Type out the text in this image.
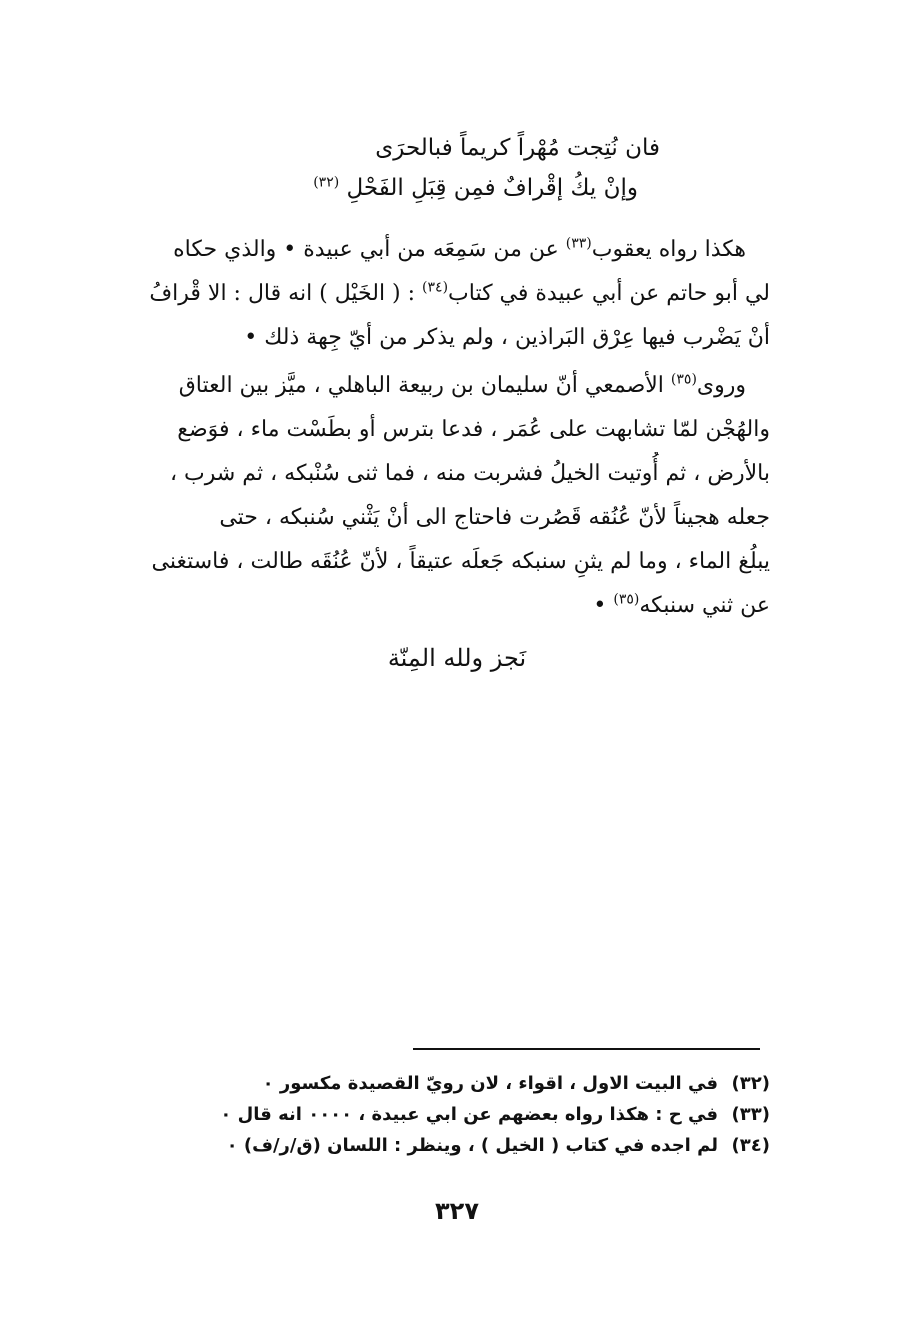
فان نُتِجت مُهْراً كريماً فبالحرَى
وإنْ يكُ إقْرافٌ فمِن قِبَلِ الفَحْلِ $^{(٣٢)}$
هكذا رواه يعقوب$^{(٣٣)}$ عن من سَمِعَه من أبي عبيدة • والذي حكاه
لي أبو حاتم عن أبي عبيدة في كتاب$^{(٣٤)}$ : ( الخَيْل ) انه قال : الا قْرافُ
أنْ يَضْرب فيها عِرْق البَراذين ، ولم يذكر من أيّ جِهة ذلك •
وروى$^{(٣٥)}$ الأصمعي أنّ سليمان بن ربيعة الباهلي ، ميَّز بين العتاق
والهُجْن لمّا تشابهت على عُمَر ، فدعا بترس أو بطَسْت ماء ، فوَضع
بالأرض ، ثم أُوتيت الخيلُ فشربت منه ، فما ثنى سُنْبكه ، ثم شرب ،
جعله هجيناً لأنّ عُنُقه قَصُرت فاحتاج الى أنْ يَثْني سُنبكه ، حتى
يبلُغ الماء ، وما لم يثنِ سنبكه جَعلَه عتيقاً ، لأنّ عُنُقَه طالت ، فاستغنى
عن ثني سنبكه$^{(٣٥)}$ •
نَجز ولله المِنّة
(٣٢)
في البيت الاول ، اقواء ، لان رويّ القصيدة مكسور ٠
(٣٣)
في ح : هكذا رواه بعضهم عن ابي عبيدة ، ٠٠٠٠ انه قال ٠
(٣٤)
لم اجده في كتاب ( الخيل ) ، وينظر : اللسان (ق/ر/ف) ٠
٣٢٧
